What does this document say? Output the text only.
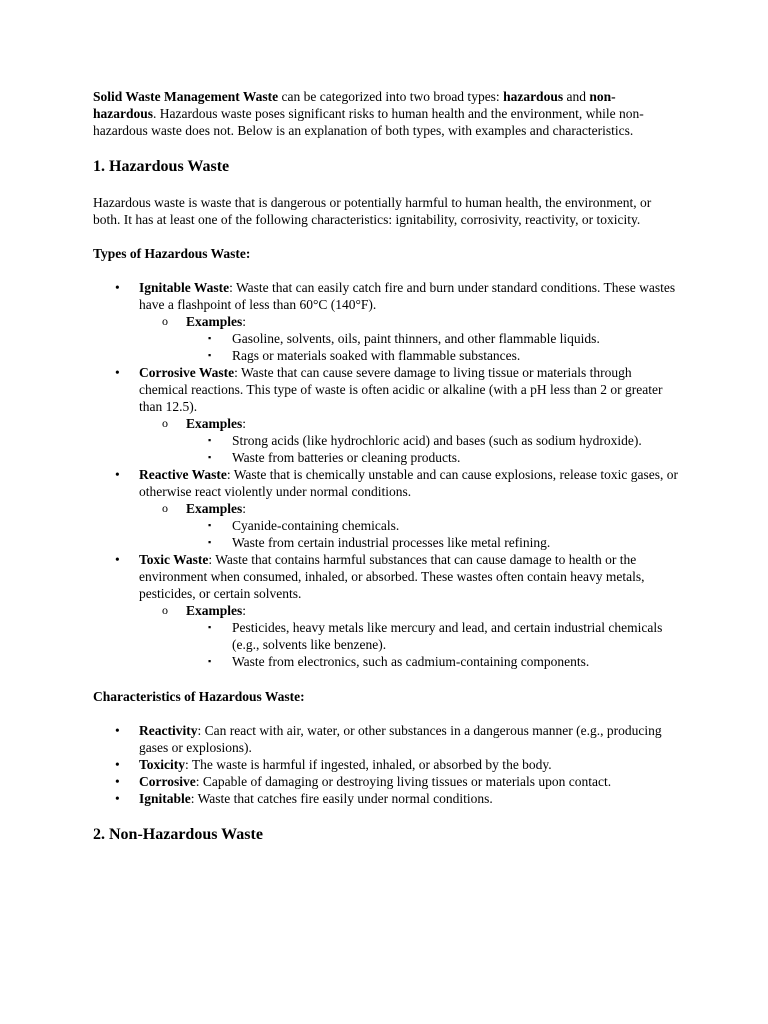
Solid Waste Management Waste can be categorized into two broad types: hazardous and non-hazardous. Hazardous waste poses significant risks to human health and the environment, while non-hazardous waste does not. Below is an explanation of both types, with examples and characteristics.

1. Hazardous Waste

Hazardous waste is waste that is dangerous or potentially harmful to human health, the environment, or both. It has at least one of the following characteristics: ignitability, corrosivity, reactivity, or toxicity.

Types of Hazardous Waste:

• Ignitable Waste: Waste that can easily catch fire and burn under standard conditions. These wastes have a flashpoint of less than 60°C (140°F).
o Examples:
▪ Gasoline, solvents, oils, paint thinners, and other flammable liquids.
▪ Rags or materials soaked with flammable substances.
• Corrosive Waste: Waste that can cause severe damage to living tissue or materials through chemical reactions. This type of waste is often acidic or alkaline (with a pH less than 2 or greater than 12.5).
o Examples:
▪ Strong acids (like hydrochloric acid) and bases (such as sodium hydroxide).
▪ Waste from batteries or cleaning products.
• Reactive Waste: Waste that is chemically unstable and can cause explosions, release toxic gases, or otherwise react violently under normal conditions.
o Examples:
▪ Cyanide-containing chemicals.
▪ Waste from certain industrial processes like metal refining.
• Toxic Waste: Waste that contains harmful substances that can cause damage to health or the environment when consumed, inhaled, or absorbed. These wastes often contain heavy metals, pesticides, or certain solvents.
o Examples:
▪ Pesticides, heavy metals like mercury and lead, and certain industrial chemicals (e.g., solvents like benzene).
▪ Waste from electronics, such as cadmium-containing components.

Characteristics of Hazardous Waste:

• Reactivity: Can react with air, water, or other substances in a dangerous manner (e.g., producing gases or explosions).
• Toxicity: The waste is harmful if ingested, inhaled, or absorbed by the body.
• Corrosive: Capable of damaging or destroying living tissues or materials upon contact.
• Ignitable: Waste that catches fire easily under normal conditions.
2. Non-Hazardous Waste
